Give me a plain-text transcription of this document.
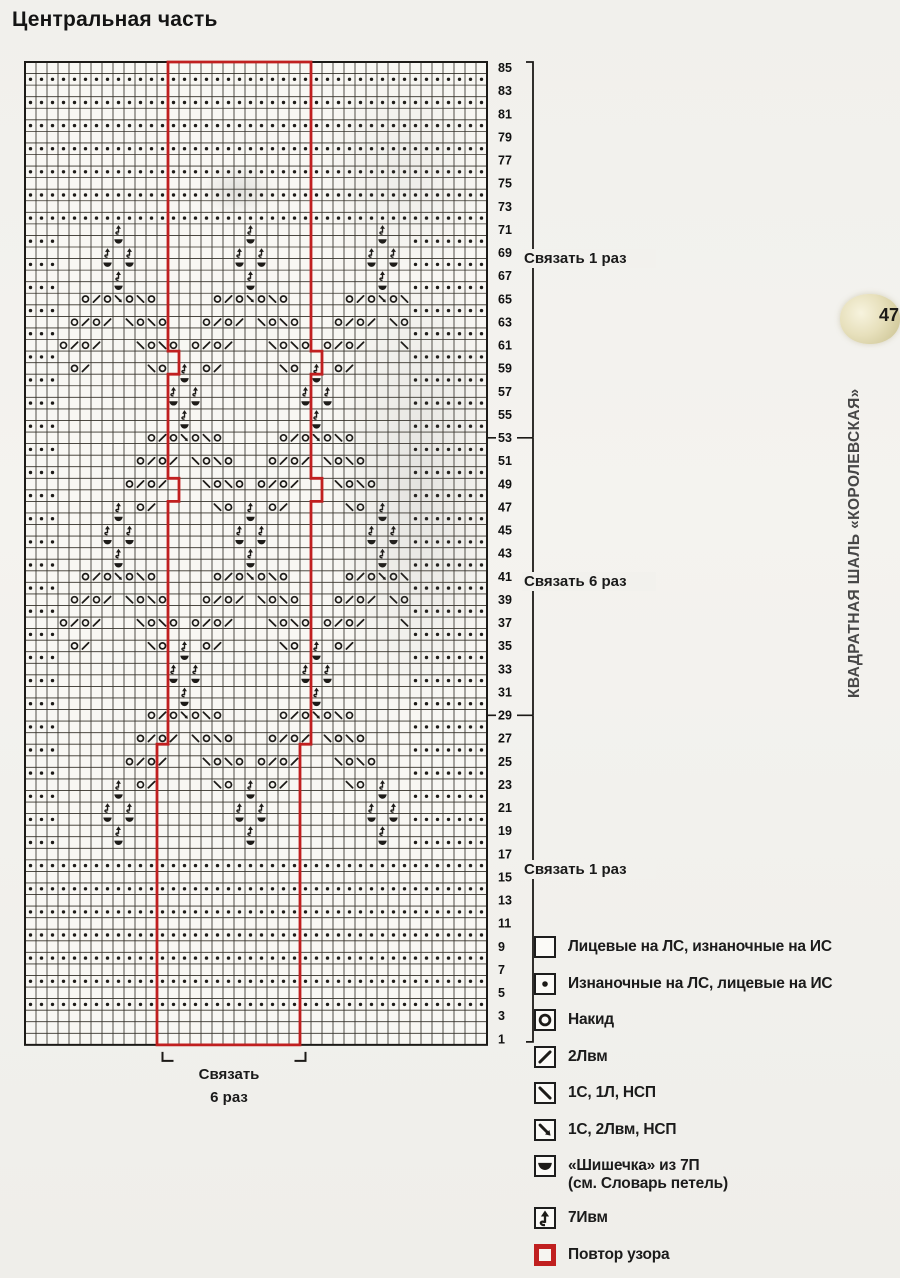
Центральная часть
85
83
81
79
77
75
73
71
69
67
65
63
61
59
57
55
53
51
49
47
45
43
41
39
37
35
33
31
29
27
25
23
21
19
17
15
13
11
9
7
5
3
1
Связать 1 раз
Связать 6 раз
Связать 1 раз
Связать
6 раз
Лицевые на ЛС, изнаночные на ИС
Изнаночные на ЛС, лицевые на ИС
Накид
2Лвм
1С, 1Л, НСП
1С, 2Лвм, НСП
«Шишечка» из 7П
(см. Словарь петель)
7Ивм
Повтор узора
КВАДРАТНАЯ ШАЛЬ «КОРОЛЕВСКАЯ»
47
